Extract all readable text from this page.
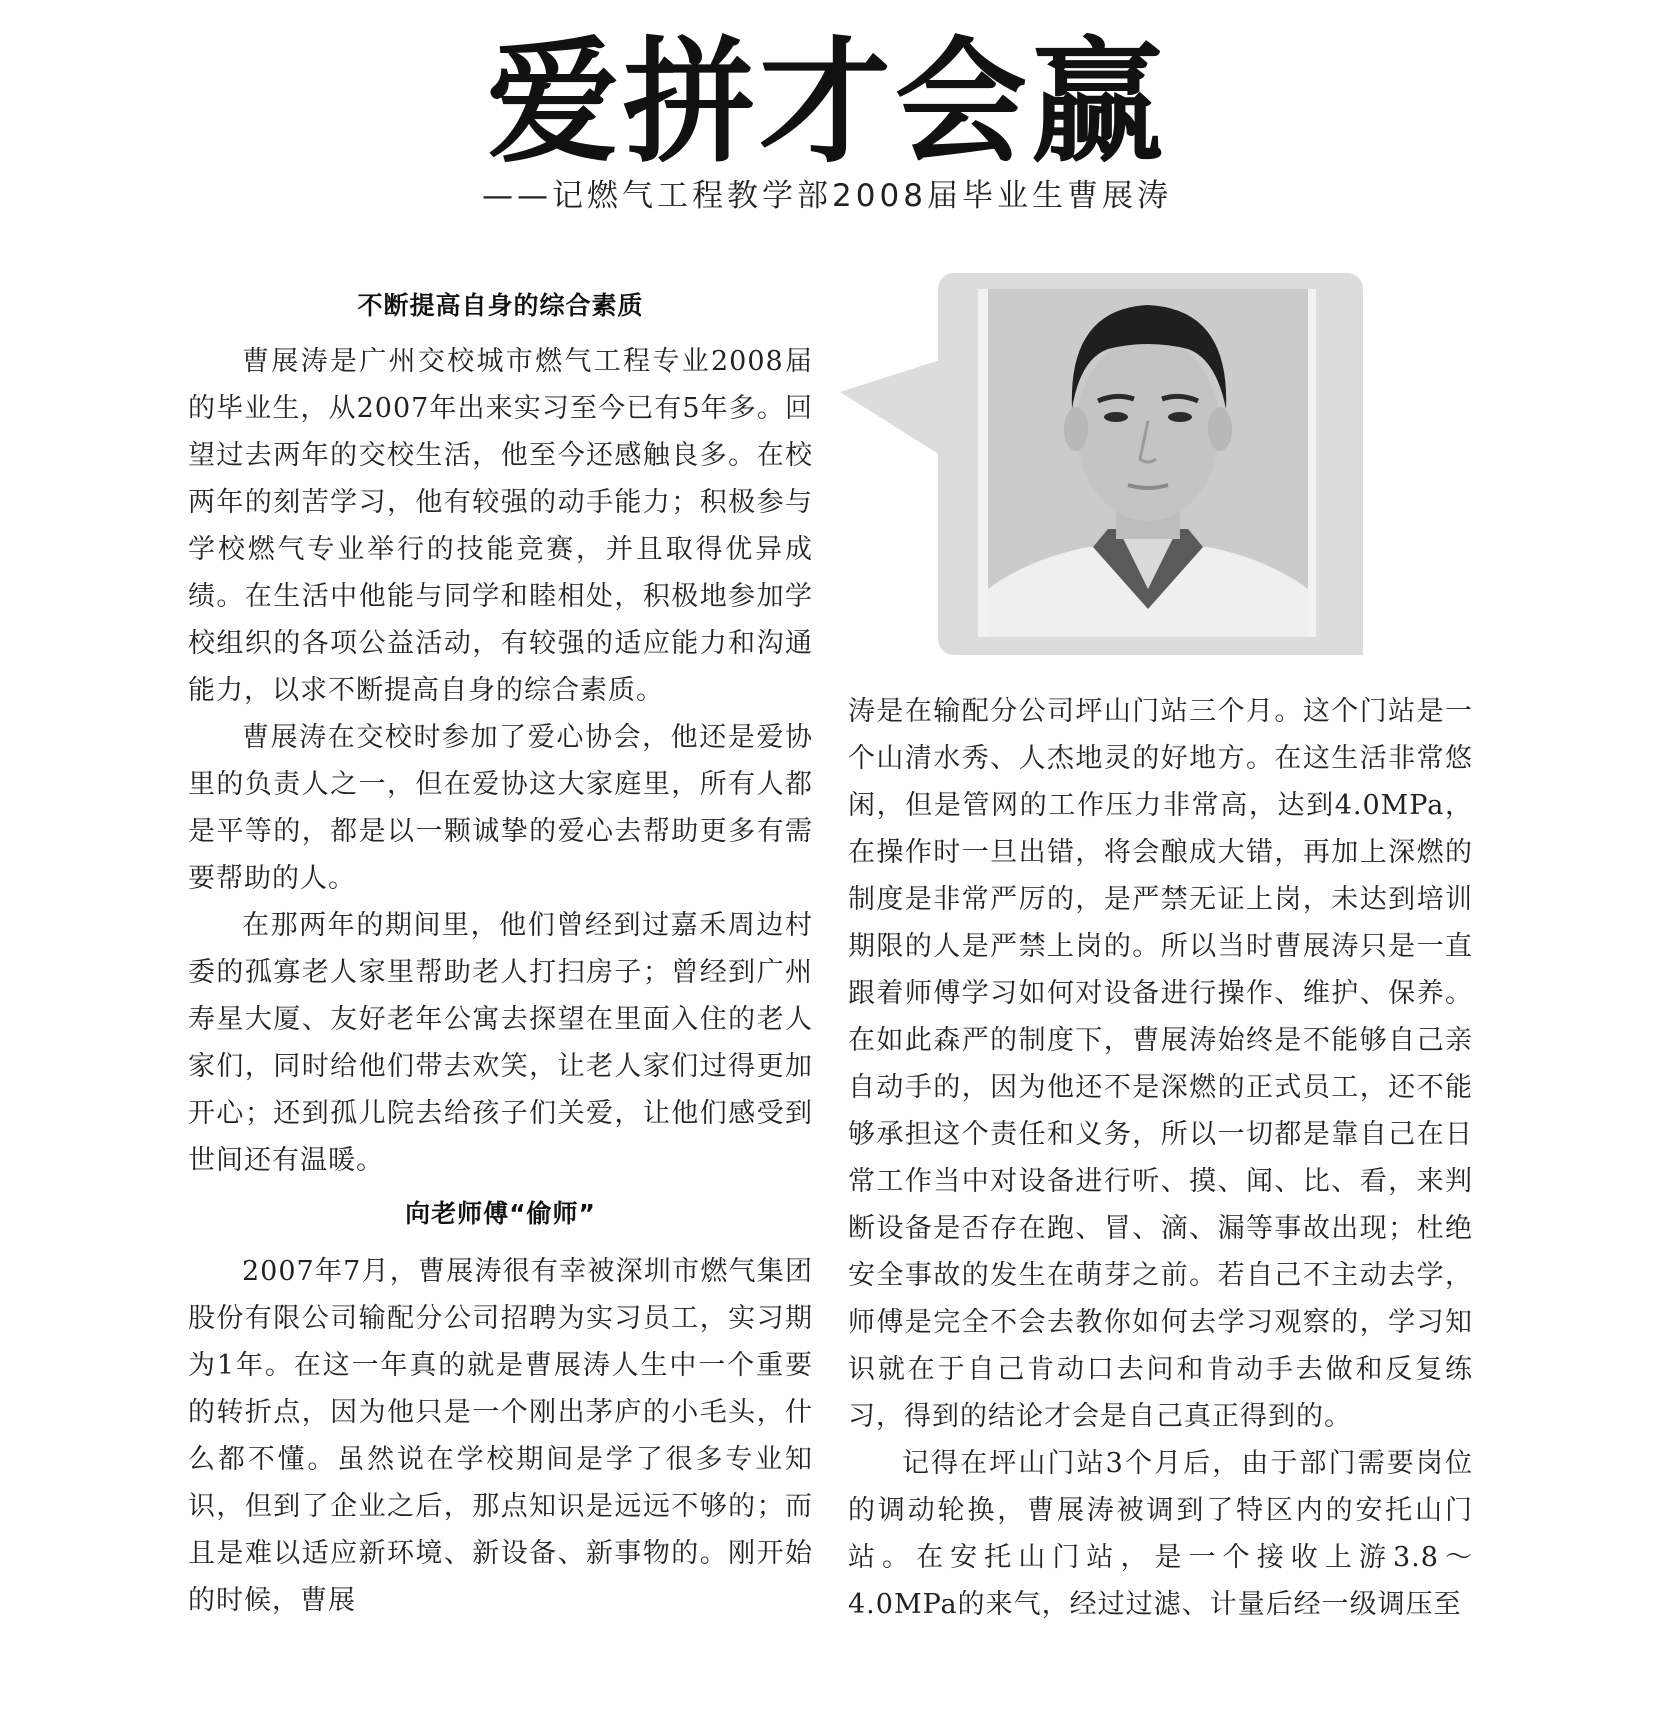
爱拼才会赢
——记燃气工程教学部2008届毕业生曹展涛
不断提高自身的综合素质

曹展涛是广州交校城市燃气工程专业2008届的毕业生，从2007年出来实习至今已有5年多。回望过去两年的交校生活，他至今还感触良多。在校两年的刻苦学习，他有较强的动手能力；积极参与学校燃气专业举行的技能竞赛，并且取得优异成绩。在生活中他能与同学和睦相处，积极地参加学校组织的各项公益活动，有较强的适应能力和沟通能力，以求不断提高自身的综合素质。

曹展涛在交校时参加了爱心协会，他还是爱协里的负责人之一，但在爱协这大家庭里，所有人都是平等的，都是以一颗诚挚的爱心去帮助更多有需要帮助的人。

在那两年的期间里，他们曾经到过嘉禾周边村委的孤寡老人家里帮助老人打扫房子；曾经到广州寿星大厦、友好老年公寓去探望在里面入住的老人家们，同时给他们带去欢笑，让老人家们过得更加开心；还到孤儿院去给孩子们关爱，让他们感受到世间还有温暖。

向老师傅“偷师”

2007年7月，曹展涛很有幸被深圳市燃气集团股份有限公司输配分公司招聘为实习员工，实习期为1年。在这一年真的就是曹展涛人生中一个重要的转折点，因为他只是一个刚出茅庐的小毛头，什么都不懂。虽然说在学校期间是学了很多专业知识，但到了企业之后，那点知识是远远不够的；而且是难以适应新环境、新设备、新事物的。刚开始的时候，曹展

涛是在输配分公司坪山门站三个月。这个门站是一个山清水秀、人杰地灵的好地方。在这生活非常悠闲，但是管网的工作压力非常高，达到4.0MPa，在操作时一旦出错，将会酿成大错，再加上深燃的制度是非常严厉的，是严禁无证上岗，未达到培训期限的人是严禁上岗的。所以当时曹展涛只是一直跟着师傅学习如何对设备进行操作、维护、保养。在如此森严的制度下，曹展涛始终是不能够自己亲自动手的，因为他还不是深燃的正式员工，还不能够承担这个责任和义务，所以一切都是靠自己在日常工作当中对设备进行听、摸、闻、比、看，来判断设备是否存在跑、冒、滴、漏等事故出现；杜绝安全事故的发生在萌芽之前。若自己不主动去学，师傅是完全不会去教你如何去学习观察的，学习知识就在于自己肯动口去问和肯动手去做和反复练习，得到的结论才会是自己真正得到的。

记得在坪山门站3个月后，由于部门需要岗位的调动轮换，曹展涛被调到了特区内的安托山门站。在安托山门站，是一个接收上游3.8～4.0MPa的来气，经过过滤、计量后经一级调压至
